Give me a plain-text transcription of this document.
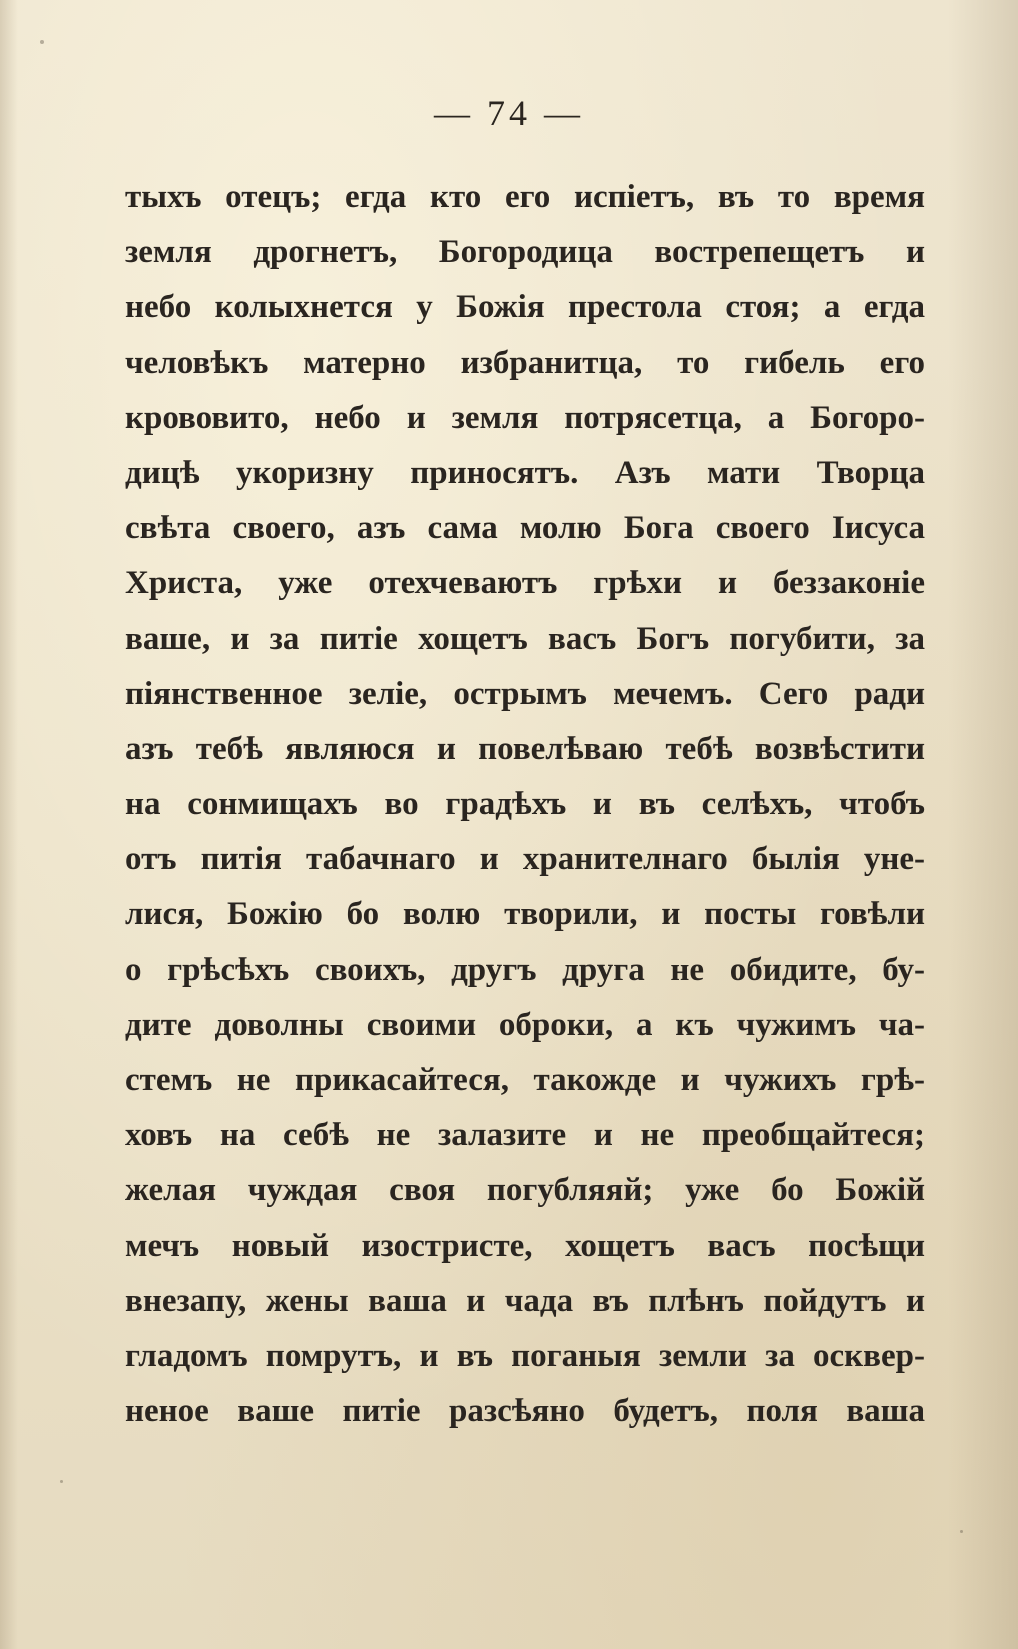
— 74 —
тыхъ отецъ; егда кто его испіетъ, въ то время
земля дрогнетъ, Богородица вострепещетъ и
небо колыхнется у Божія престола стоя; а егда
человѣкъ матерно избранитца, то гибель его
крововито, небо и земля потрясетца, а Богоро-
дицѣ укоризну приносятъ. Азъ мати Творца
свѣта своего, азъ сама молю Бога своего Іисуса
Христа, уже отехчеваютъ грѣхи и беззаконіе
ваше, и за питіе хощетъ васъ Богъ погубити, за
піянственное зеліе, острымъ мечемъ. Сего ради
азъ тебѣ являюся и повелѣваю тебѣ возвѣстити
на сонмищахъ во градѣхъ и въ селѣхъ, чтобъ
отъ питія табачнаго и хранителнаго былія уне-
лися, Божію бо волю творили, и посты говѣли
о грѣсѣхъ своихъ, другъ друга не обидите, бу-
дите доволны своими оброки, а къ чужимъ ча-
стемъ не прикасайтеся, такожде и чужихъ грѣ-
ховъ на себѣ не залазите и не преобщайтеся;
желая чуждая своя погубляяй; уже бо Божій
мечъ новый изостристе, хощетъ васъ посѣщи
внезапу, жены ваша и чада въ плѣнъ пойдутъ и
гладомъ помрутъ, и въ поганыя земли за осквер-
неное ваше питіе разсѣяно будетъ, поля ваша
